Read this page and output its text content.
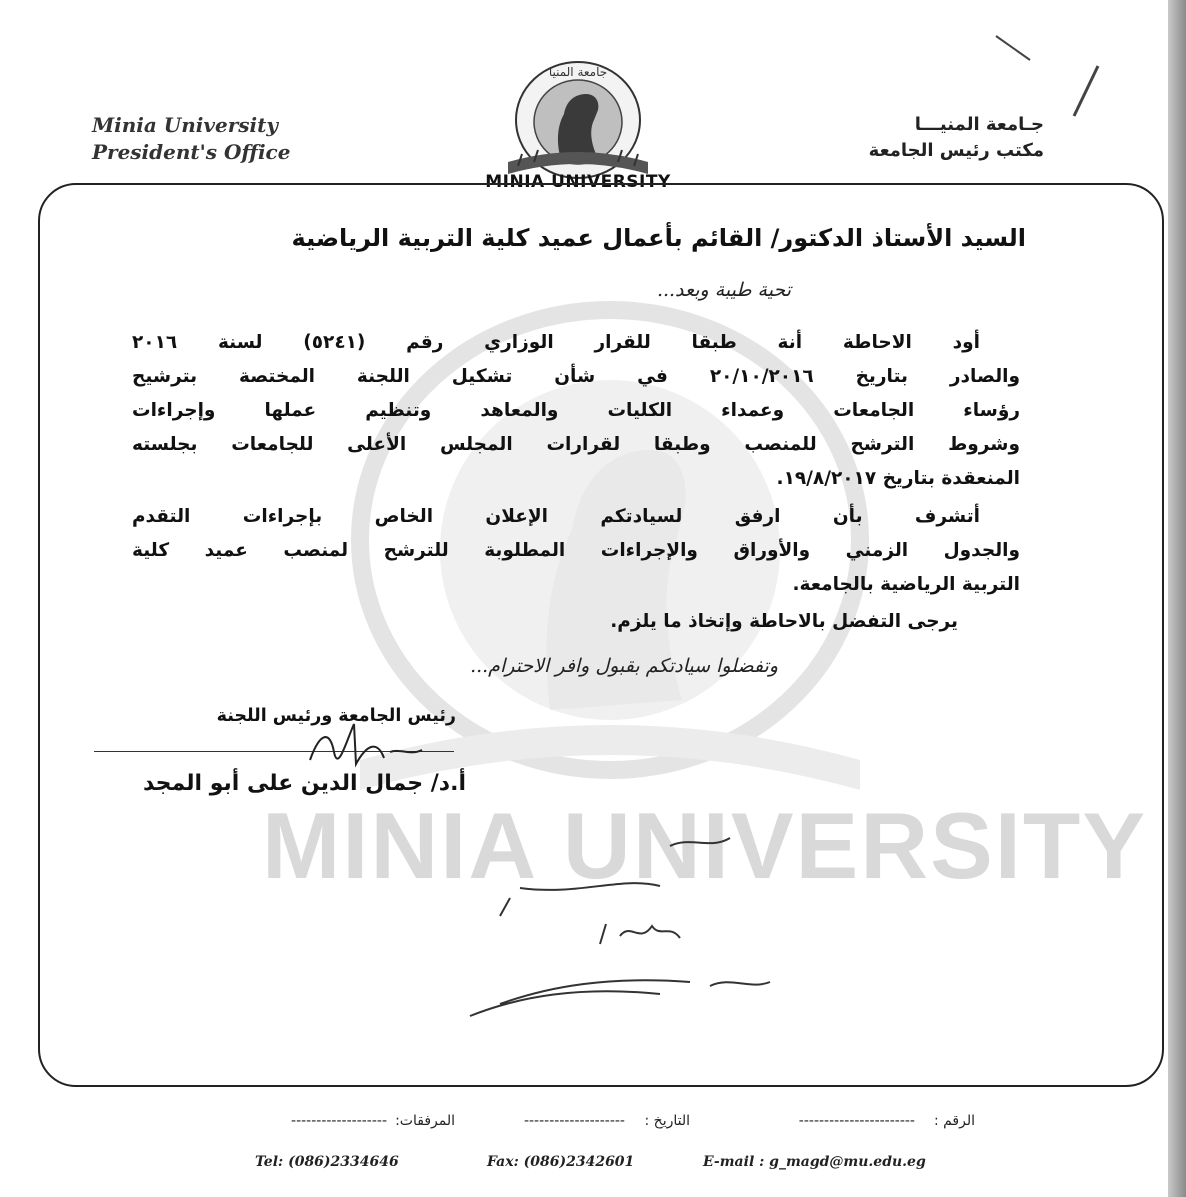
Minia University
President's Office
جـامعة المنيـــا
مكتب رئيس الجامعة
جامعة المنيا
MINIA UNIVERSITY
MINIA UNIVERSITY
السيد الأستاذ الدكتور/ القائم بأعمال عميد كلية التربية الرياضية
تحية طيبة وبعد...
أود الاحاطة أنة طبقا للقرار الوزاري رقم (٥٢٤١) لسنة ٢٠١٦
والصادر بتاريخ ٢٠/١٠/٢٠١٦ في شأن تشكيل اللجنة المختصة بترشيح
رؤساء الجامعات وعمداء الكليات والمعاهد وتنظيم عملها وإجراءات
وشروط الترشح للمنصب وطبقا لقرارات المجلس الأعلى للجامعات بجلسته
المنعقدة بتاريخ ١٩/٨/٢٠١٧.
أتشرف بأن ارفق لسيادتكم الإعلان الخاص بإجراءات التقدم
والجدول الزمني والأوراق والإجراءات المطلوبة للترشح لمنصب عميد كلية
التربية الرياضية بالجامعة.
يرجى التفضل بالاحاطة وإتخاذ ما يلزم.
وتفضلوا سيادتكم بقبول وافر الاحترام...
رئيس الجامعة ورئيس اللجنة
أ.د/ جمال الدين على أبو المجد
الرقم :
-----------------------
التاريخ :
--------------------
المرفقات:
-------------------
Tel: (086)2334646	Fax: (086)2342601	E-mail : g_magd@mu.edu.eg
